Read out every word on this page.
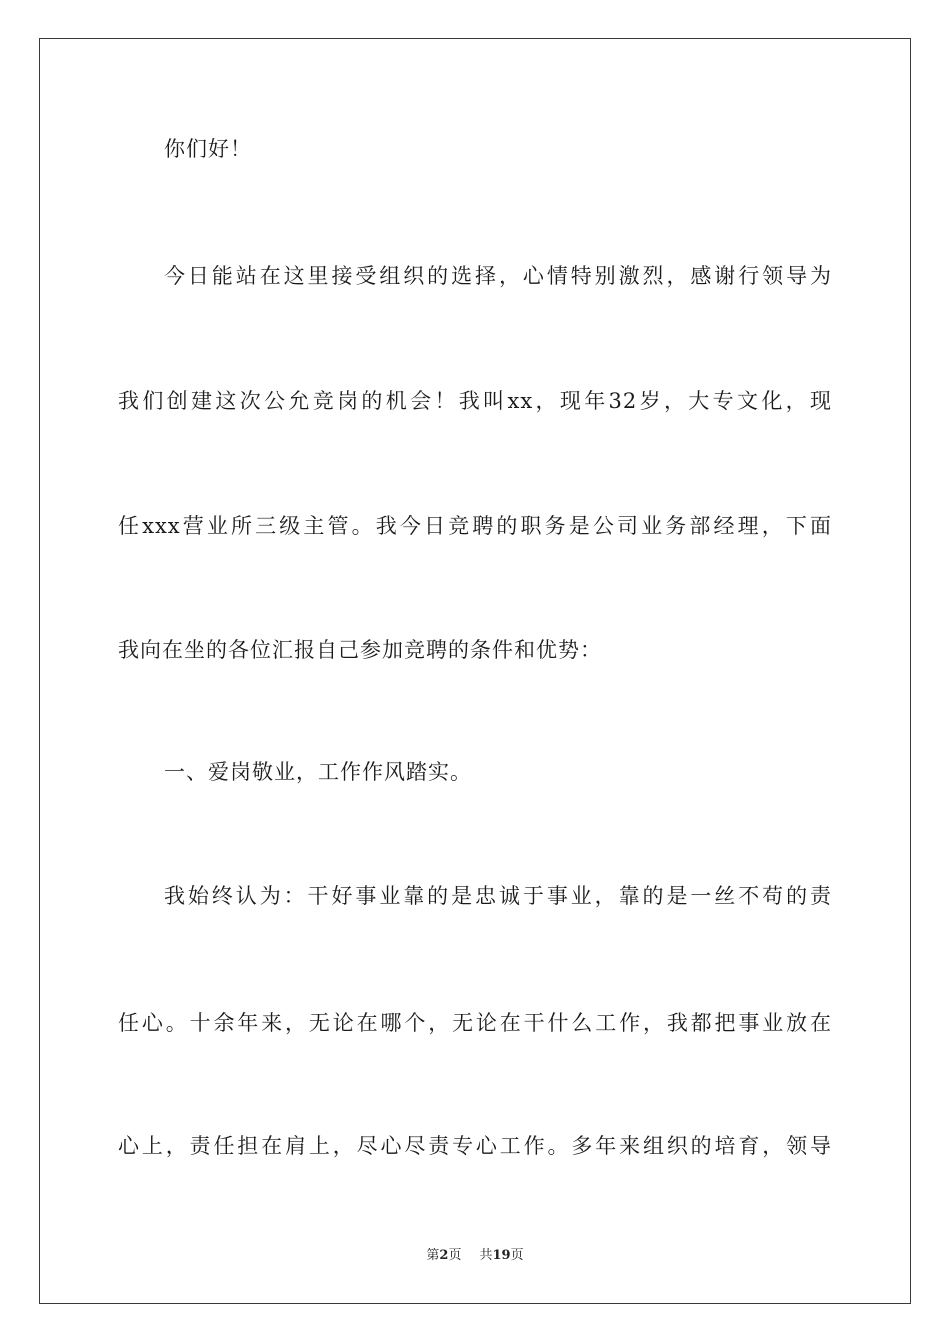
你们好！
今日能站在这里接受组织的选择，心情特别激烈，感谢行领导为
我们创建这次公允竞岗的机会！我叫xx，现年32岁，大专文化，现
任xxx营业所三级主管。我今日竞聘的职务是公司业务部经理，下面
我向在坐的各位汇报自己参加竞聘的条件和优势：
一、爱岗敬业，工作作风踏实。
我始终认为：干好事业靠的是忠诚于事业，靠的是一丝不苟的责
任心。十余年来，无论在哪个，无论在干什么工作，我都把事业放在
心上，责任担在肩上，尽心尽责专心工作。多年来组织的培育，领导
第2页 共19页
